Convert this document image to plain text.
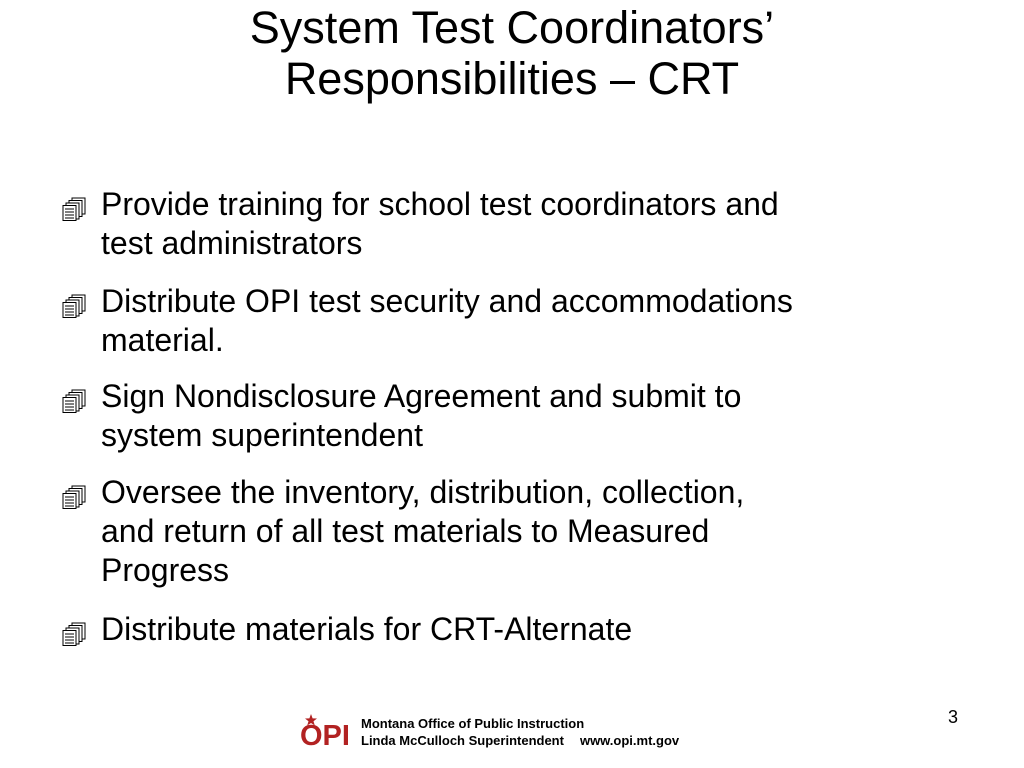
System Test Coordinators’
Responsibilities – CRT
Provide training for school test coordinators and
test administrators
Distribute OPI test security and accommodations
material.
Sign Nondisclosure Agreement and submit to
system superintendent
Oversee the inventory, distribution, collection,
and return of all test materials to Measured
Progress
Distribute materials for CRT-Alternate
3
OPI Montana Office of Public Instruction
Linda McCulloch Superintendent www.opi.mt.gov
